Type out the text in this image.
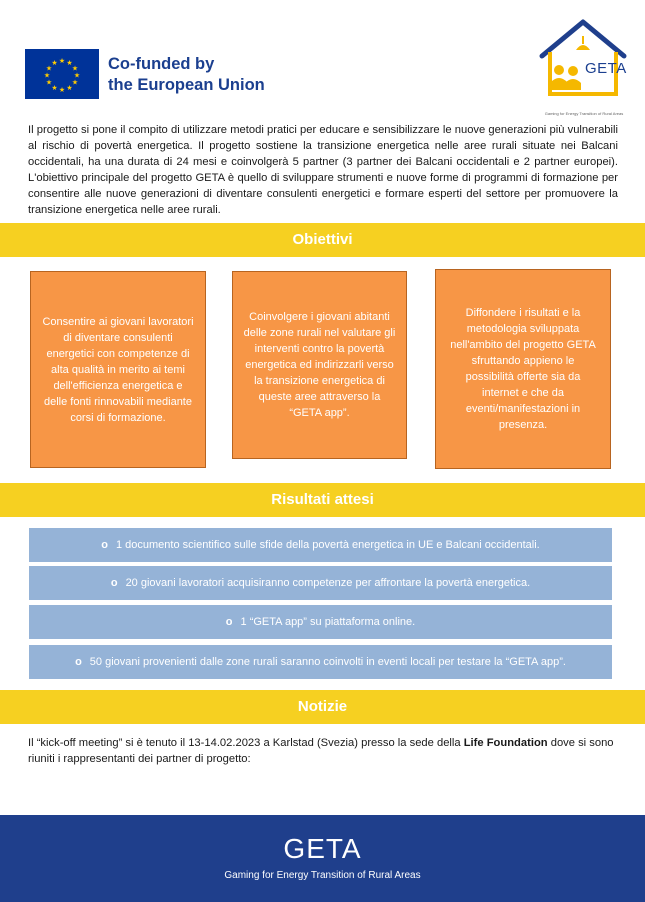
★ ★
★
★
★
★
★
★
★
★
★
★	Co-funded by
the European Union
Gaming for Energy Transition of Rural Areas
GETA

Il progetto si pone il compito di utilizzare metodi pratici per educare e sensibilizzare le nuove generazioni più vulnerabili al rischio di povertà energetica. Il progetto sostiene la transizione energetica nelle aree rurali situate nei Balcani occidentali, ha una durata di 24 mesi e coinvolgerà 5 partner (3 partner dei Balcani occidentali e 2 partner europei). L'obiettivo principale del progetto GETA è quello di sviluppare strumenti e nuove forme di programmi di formazione per consentire alle nuove generazioni di diventare consulenti energetici e formare esperti del settore per promuovere la transizione energetica nelle aree rurali.

Obiettivi
Consentire ai giovani lavoratori di diventare consulenti energetici con competenze di alta qualità in merito ai temi dell'efficienza energetica e delle fonti rinnovabili mediante corsi di formazione.
Coinvolgere i giovani abitanti delle zone rurali nel valutare gli interventi contro la povertà energetica ed indirizzarli verso la transizione energetica di queste aree attraverso la “GETA app”.
Diffondere i risultati e la metodologia sviluppata nell'ambito del progetto GETA sfruttando appieno le possibilità offerte sia da internet e che da eventi/manifestazioni in presenza.
Risultati attesi
o 1 documento scientifico sulle sfide della povertà energetica in UE e Balcani occidentali.
o 20 giovani lavoratori acquisiranno competenze per affrontare la povertà energetica.
o 1 “GETA app” su piattaforma online.
o 50 giovani provenienti dalle zone rurali saranno coinvolti in eventi locali per testare la “GETA app”.
Notizie

Il “kick-off meeting” si è tenuto il 13-14.02.2023 a Karlstad (Svezia) presso la sede della Life Foundation dove si sono riuniti i rappresentanti dei partner di progetto:

GETA
Gaming for Energy Transition of Rural Areas
